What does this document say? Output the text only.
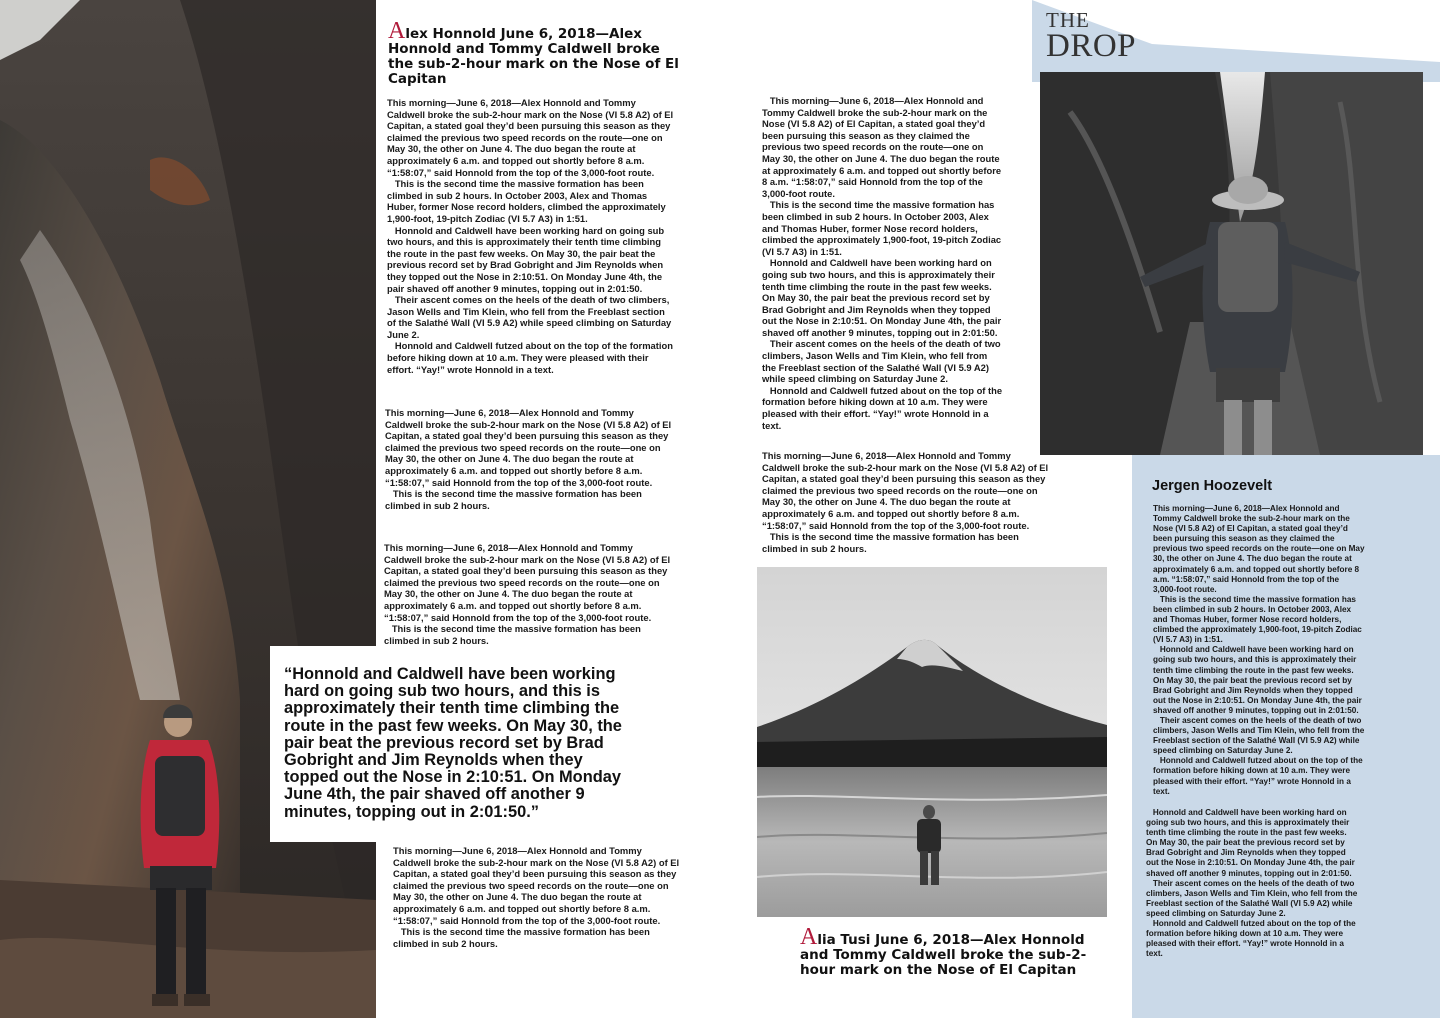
THE
DROP
Alex Honnold June 6, 2018—Alex Honnold and Tommy Caldwell broke the sub-2-hour mark on the Nose of El Capitan
This morning—June 6, 2018—Alex Honnold and Tommy
Caldwell broke the sub-2-hour mark on the Nose (VI 5.8 A2) of El
Capitan, a stated goal they’d been pursuing this season as they
claimed the previous two speed records on the route—one on
May 30, the other on June 4. The duo began the route at
approximately 6 a.m. and topped out shortly before 8 a.m.
“1:58:07,” said Honnold from the top of the 3,000-foot route.
This is the second time the massive formation has been
climbed in sub 2 hours. In October 2003, Alex and Thomas
Huber, former Nose record holders, climbed the approximately
1,900-foot, 19-pitch Zodiac (VI 5.7 A3) in 1:51.
Honnold and Caldwell have been working hard on going sub
two hours, and this is approximately their tenth time climbing
the route in the past few weeks. On May 30, the pair beat the
previous record set by Brad Gobright and Jim Reynolds when
they topped out the Nose in 2:10:51. On Monday June 4th, the
pair shaved off another 9 minutes, topping out in 2:01:50.
Their ascent comes on the heels of the death of two climbers,
Jason Wells and Tim Klein, who fell from the Freeblast section
of the Salathé Wall (VI 5.9 A2) while speed climbing on Saturday
June 2.
Honnold and Caldwell futzed about on the top of the formation
before hiking down at 10 a.m. They were pleased with their
effort. “Yay!” wrote Honnold in a text.
This morning—June 6, 2018—Alex Honnold and Tommy
Caldwell broke the sub-2-hour mark on the Nose (VI 5.8 A2) of El
Capitan, a stated goal they’d been pursuing this season as they
claimed the previous two speed records on the route—one on
May 30, the other on June 4. The duo began the route at
approximately 6 a.m. and topped out shortly before 8 a.m.
“1:58:07,” said Honnold from the top of the 3,000-foot route.
This is the second time the massive formation has been
climbed in sub 2 hours.
This morning—June 6, 2018—Alex Honnold and Tommy
Caldwell broke the sub-2-hour mark on the Nose (VI 5.8 A2) of El
Capitan, a stated goal they’d been pursuing this season as they
claimed the previous two speed records on the route—one on
May 30, the other on June 4. The duo began the route at
approximately 6 a.m. and topped out shortly before 8 a.m.
“1:58:07,” said Honnold from the top of the 3,000-foot route.
This is the second time the massive formation has been
climbed in sub 2 hours.

“Honnold and Caldwell have been working hard on going sub two hours, and this is approximately their tenth time climbing the route in the past few weeks. On May 30, the pair beat the previous record set by Brad Gobright and Jim Reynolds when they topped out the Nose in 2:10:51. On Monday June 4th, the pair shaved off another 9 minutes, topping out in 2:01:50.”

This morning—June 6, 2018—Alex Honnold and Tommy
Caldwell broke the sub-2-hour mark on the Nose (VI 5.8 A2) of El
Capitan, a stated goal they’d been pursuing this season as they
claimed the previous two speed records on the route—one on
May 30, the other on June 4. The duo began the route at
approximately 6 a.m. and topped out shortly before 8 a.m.
“1:58:07,” said Honnold from the top of the 3,000-foot route.
This is the second time the massive formation has been
climbed in sub 2 hours.
This morning—June 6, 2018—Alex Honnold and
Tommy Caldwell broke the sub-2-hour mark on the
Nose (VI 5.8 A2) of El Capitan, a stated goal they’d
been pursuing this season as they claimed the
previous two speed records on the route—one on
May 30, the other on June 4. The duo began the route
at approximately 6 a.m. and topped out shortly before
8 a.m. “1:58:07,” said Honnold from the top of the
3,000-foot route.
This is the second time the massive formation has
been climbed in sub 2 hours. In October 2003, Alex
and Thomas Huber, former Nose record holders,
climbed the approximately 1,900-foot, 19-pitch Zodiac
(VI 5.7 A3) in 1:51.
Honnold and Caldwell have been working hard on
going sub two hours, and this is approximately their
tenth time climbing the route in the past few weeks.
On May 30, the pair beat the previous record set by
Brad Gobright and Jim Reynolds when they topped
out the Nose in 2:10:51. On Monday June 4th, the pair
shaved off another 9 minutes, topping out in 2:01:50.
Their ascent comes on the heels of the death of two
climbers, Jason Wells and Tim Klein, who fell from
the Freeblast section of the Salathé Wall (VI 5.9 A2)
while speed climbing on Saturday June 2.
Honnold and Caldwell futzed about on the top of the
formation before hiking down at 10 a.m. They were
pleased with their effort. “Yay!” wrote Honnold in a
text.
This morning—June 6, 2018—Alex Honnold and Tommy
Caldwell broke the sub-2-hour mark on the Nose (VI 5.8 A2) of El
Capitan, a stated goal they’d been pursuing this season as they
claimed the previous two speed records on the route—one on
May 30, the other on June 4. The duo began the route at
approximately 6 a.m. and topped out shortly before 8 a.m.
“1:58:07,” said Honnold from the top of the 3,000-foot route.
This is the second time the massive formation has been
climbed in sub 2 hours.
Alia Tusi June 6, 2018—Alex Honnold and Tommy Caldwell broke the sub-2-hour mark on the Nose of El Capitan
Jergen Hoozevelt
This morning—June 6, 2018—Alex Honnold and
Tommy Caldwell broke the sub-2-hour mark on the
Nose (VI 5.8 A2) of El Capitan, a stated goal they’d
been pursuing this season as they claimed the
previous two speed records on the route—one on May
30, the other on June 4. The duo began the route at
approximately 6 a.m. and topped out shortly before 8
a.m. “1:58:07,” said Honnold from the top of the
3,000-foot route.
This is the second time the massive formation has
been climbed in sub 2 hours. In October 2003, Alex
and Thomas Huber, former Nose record holders,
climbed the approximately 1,900-foot, 19-pitch Zodiac
(VI 5.7 A3) in 1:51.
Honnold and Caldwell have been working hard on
going sub two hours, and this is approximately their
tenth time climbing the route in the past few weeks.
On May 30, the pair beat the previous record set by
Brad Gobright and Jim Reynolds when they topped
out the Nose in 2:10:51. On Monday June 4th, the pair
shaved off another 9 minutes, topping out in 2:01:50.
Their ascent comes on the heels of the death of two
climbers, Jason Wells and Tim Klein, who fell from the
Freeblast section of the Salathé Wall (VI 5.9 A2) while
speed climbing on Saturday June 2.
Honnold and Caldwell futzed about on the top of the
formation before hiking down at 10 a.m. They were
pleased with their effort. “Yay!” wrote Honnold in a
text.
Honnold and Caldwell have been working hard on
going sub two hours, and this is approximately their
tenth time climbing the route in the past few weeks.
On May 30, the pair beat the previous record set by
Brad Gobright and Jim Reynolds when they topped
out the Nose in 2:10:51. On Monday June 4th, the pair
shaved off another 9 minutes, topping out in 2:01:50.
Their ascent comes on the heels of the death of two
climbers, Jason Wells and Tim Klein, who fell from the
Freeblast section of the Salathé Wall (VI 5.9 A2) while
speed climbing on Saturday June 2.
Honnold and Caldwell futzed about on the top of the
formation before hiking down at 10 a.m. They were
pleased with their effort. “Yay!” wrote Honnold in a
text.
